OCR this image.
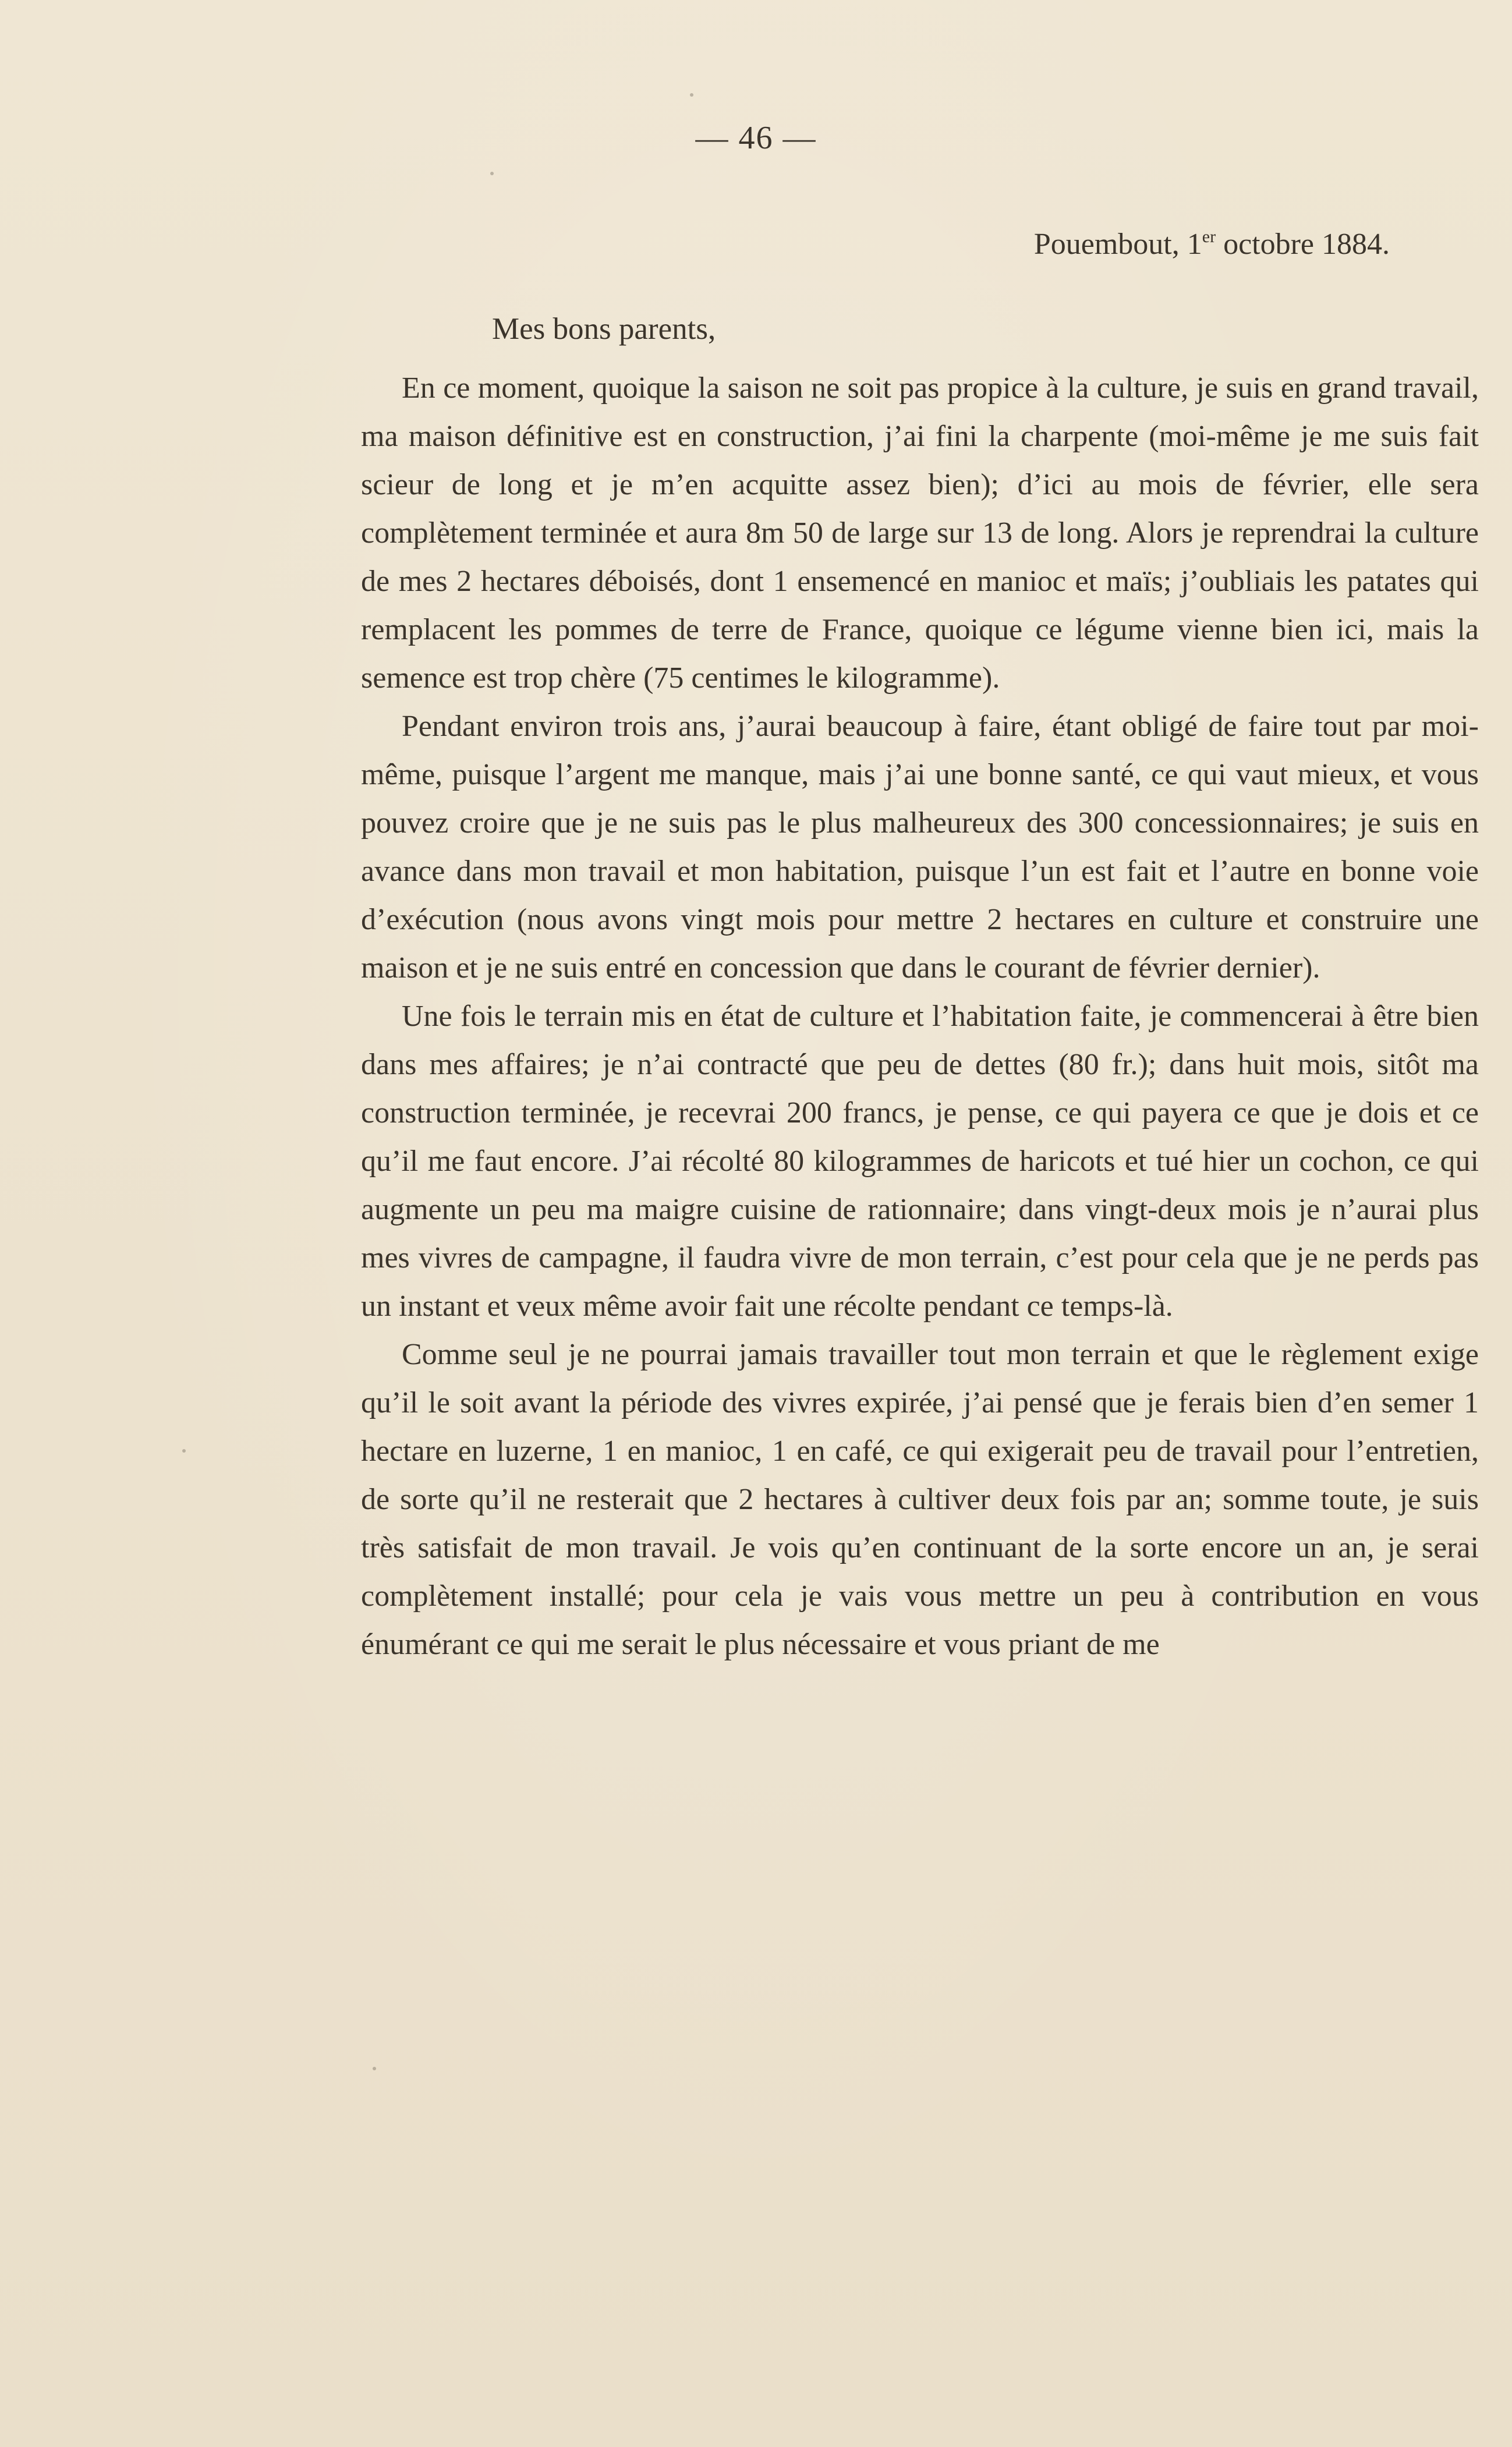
— 46 —
Pouembout, 1er octobre 1884.
Mes bons parents,

En ce moment, quoique la saison ne soit pas propice à la culture, je suis en grand travail, ma maison définitive est en construction, j’ai fini la charpente (moi-même je me suis fait scieur de long et je m’en acquitte assez bien); d’ici au mois de février, elle sera complètement terminée et aura 8m 50 de large sur 13 de long. Alors je reprendrai la culture de mes 2 hectares déboisés, dont 1 ensemencé en manioc et maïs; j’oubliais les patates qui remplacent les pommes de terre de France, quoique ce légume vienne bien ici, mais la semence est trop chère (75 centimes le kilogramme).

Pendant environ trois ans, j’aurai beaucoup à faire, étant obligé de faire tout par moi-même, puisque l’argent me manque, mais j’ai une bonne santé, ce qui vaut mieux, et vous pouvez croire que je ne suis pas le plus malheureux des 300 concessionnaires; je suis en avance dans mon travail et mon habitation, puisque l’un est fait et l’autre en bonne voie d’exécution (nous avons vingt mois pour mettre 2 hectares en culture et construire une maison et je ne suis entré en concession que dans le courant de février dernier).

Une fois le terrain mis en état de culture et l’habitation faite, je commencerai à être bien dans mes affaires; je n’ai contracté que peu de dettes (80 fr.); dans huit mois, sitôt ma construction terminée, je recevrai 200 francs, je pense, ce qui payera ce que je dois et ce qu’il me faut encore. J’ai récolté 80 kilogrammes de haricots et tué hier un cochon, ce qui augmente un peu ma maigre cuisine de rationnaire; dans vingt-deux mois je n’aurai plus mes vivres de campagne, il faudra vivre de mon terrain, c’est pour cela que je ne perds pas un instant et veux même avoir fait une récolte pendant ce temps-là.

Comme seul je ne pourrai jamais travailler tout mon terrain et que le règlement exige qu’il le soit avant la période des vivres expirée, j’ai pensé que je ferais bien d’en semer 1 hectare en luzerne, 1 en manioc, 1 en café, ce qui exigerait peu de travail pour l’entretien, de sorte qu’il ne resterait que 2 hectares à cultiver deux fois par an; somme toute, je suis très satisfait de mon travail. Je vois qu’en continuant de la sorte encore un an, je serai complètement installé; pour cela je vais vous mettre un peu à contribution en vous énumérant ce qui me serait le plus nécessaire et vous priant de me
